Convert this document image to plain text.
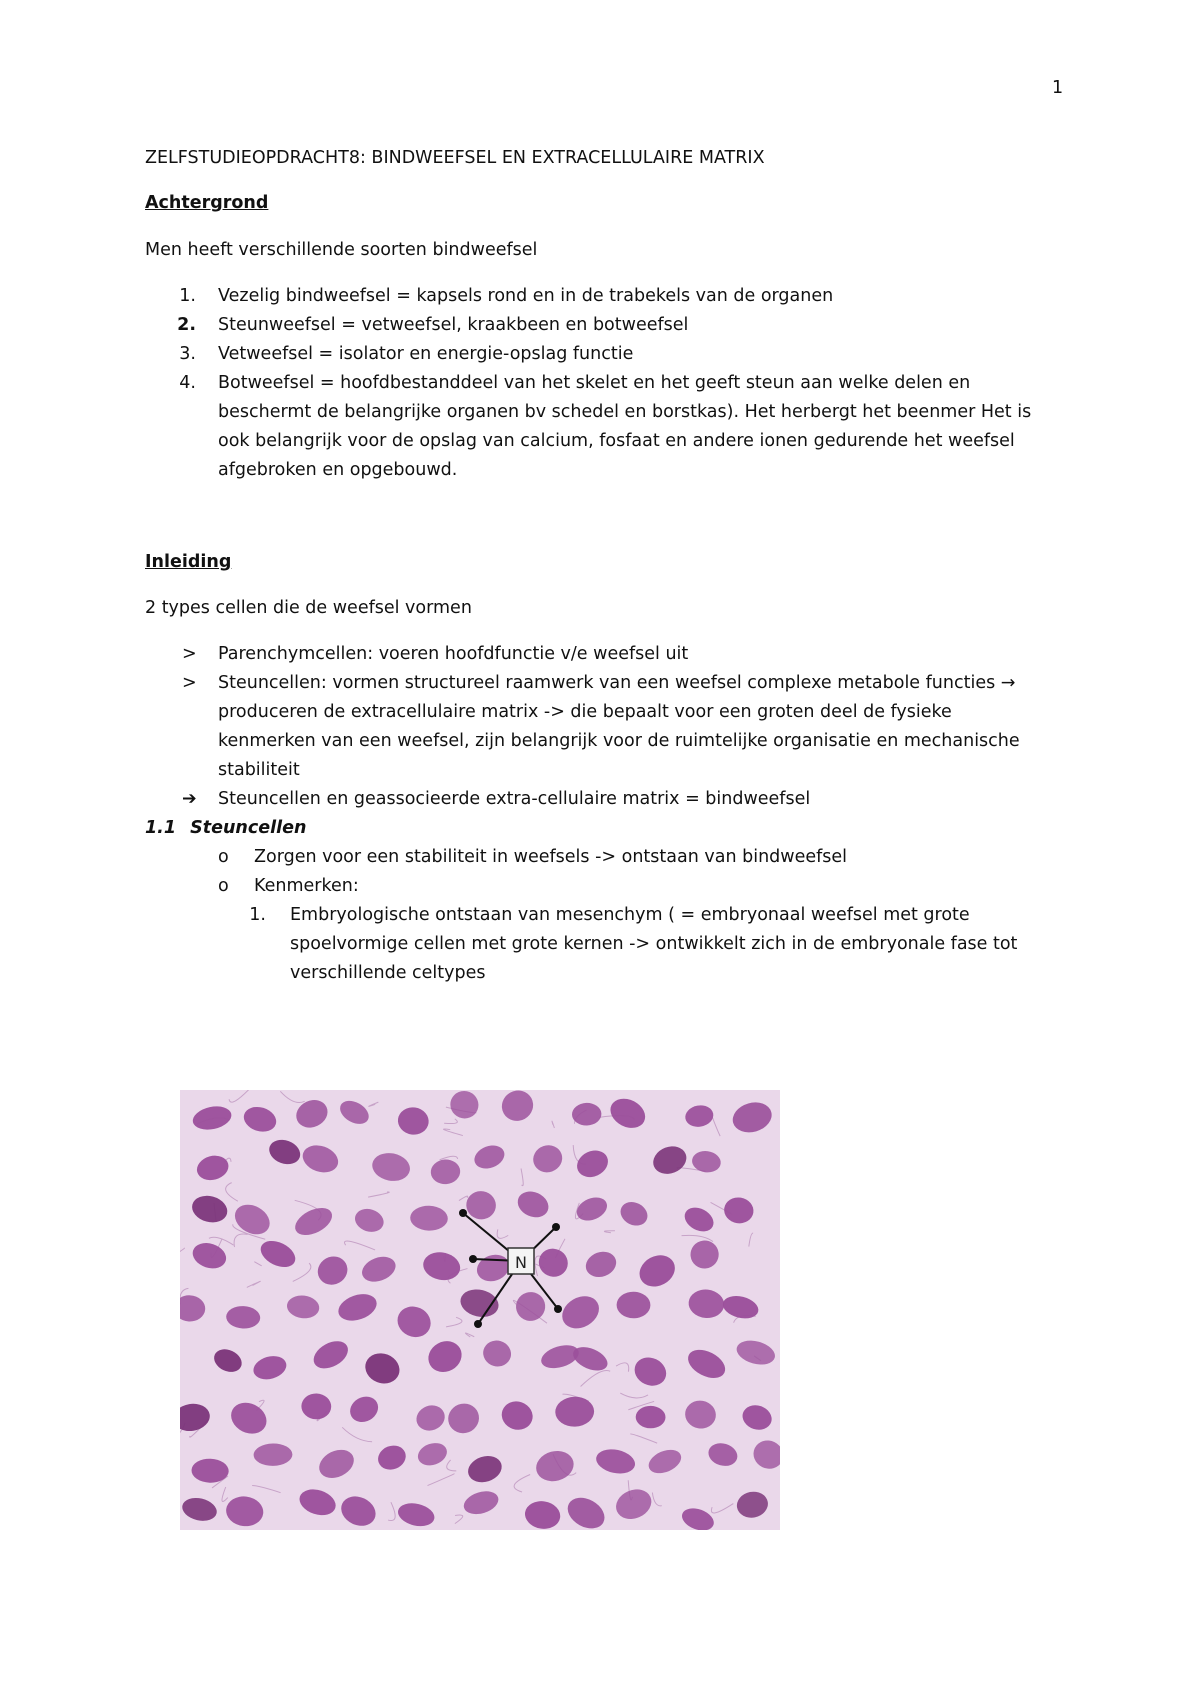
1
ZELFSTUDIEOPDRACHT8: BINDWEEFSEL EN EXTRACELLULAIRE MATRIX
Achtergrond
Men heeft verschillende soorten bindweefsel
1. Vezelig bindweefsel = kapsels rond en in de trabekels van de organen
2. Steunweefsel = vetweefsel, kraakbeen en botweefsel
3. Vetweefsel = isolator en energie-opslag functie
4. Botweefsel = hoofdbestanddeel van het skelet en het geeft steun aan welke delen en
beschermt de belangrijke organen bv schedel en borstkas). Het herbergt het beenmer Het is
ook belangrijk voor de opslag van calcium, fosfaat en andere ionen gedurende het weefsel
afgebroken en opgebouwd.
Inleiding
2 types cellen die de weefsel vormen
> Parenchymcellen: voeren hoofdfunctie v/e weefsel uit
> Steuncellen: vormen structureel raamwerk van een weefsel complexe metabole functies →
produceren de extracellulaire matrix -> die bepaalt voor een groten deel de fysieke
kenmerken van een weefsel, zijn belangrijk voor de ruimtelijke organisatie en mechanische
stabiliteit
➔ Steuncellen en geassocieerde extra-cellulaire matrix = bindweefsel
1.1 Steuncellen
o Zorgen voor een stabiliteit in weefsels -> ontstaan van bindweefsel
o Kenmerken:
1. Embryologische ontstaan van mesenchym ( = embryonaal weefsel met grote
spoelvormige cellen met grote kernen -> ontwikkelt zich in de embryonale fase tot
verschillende celtypes
N
